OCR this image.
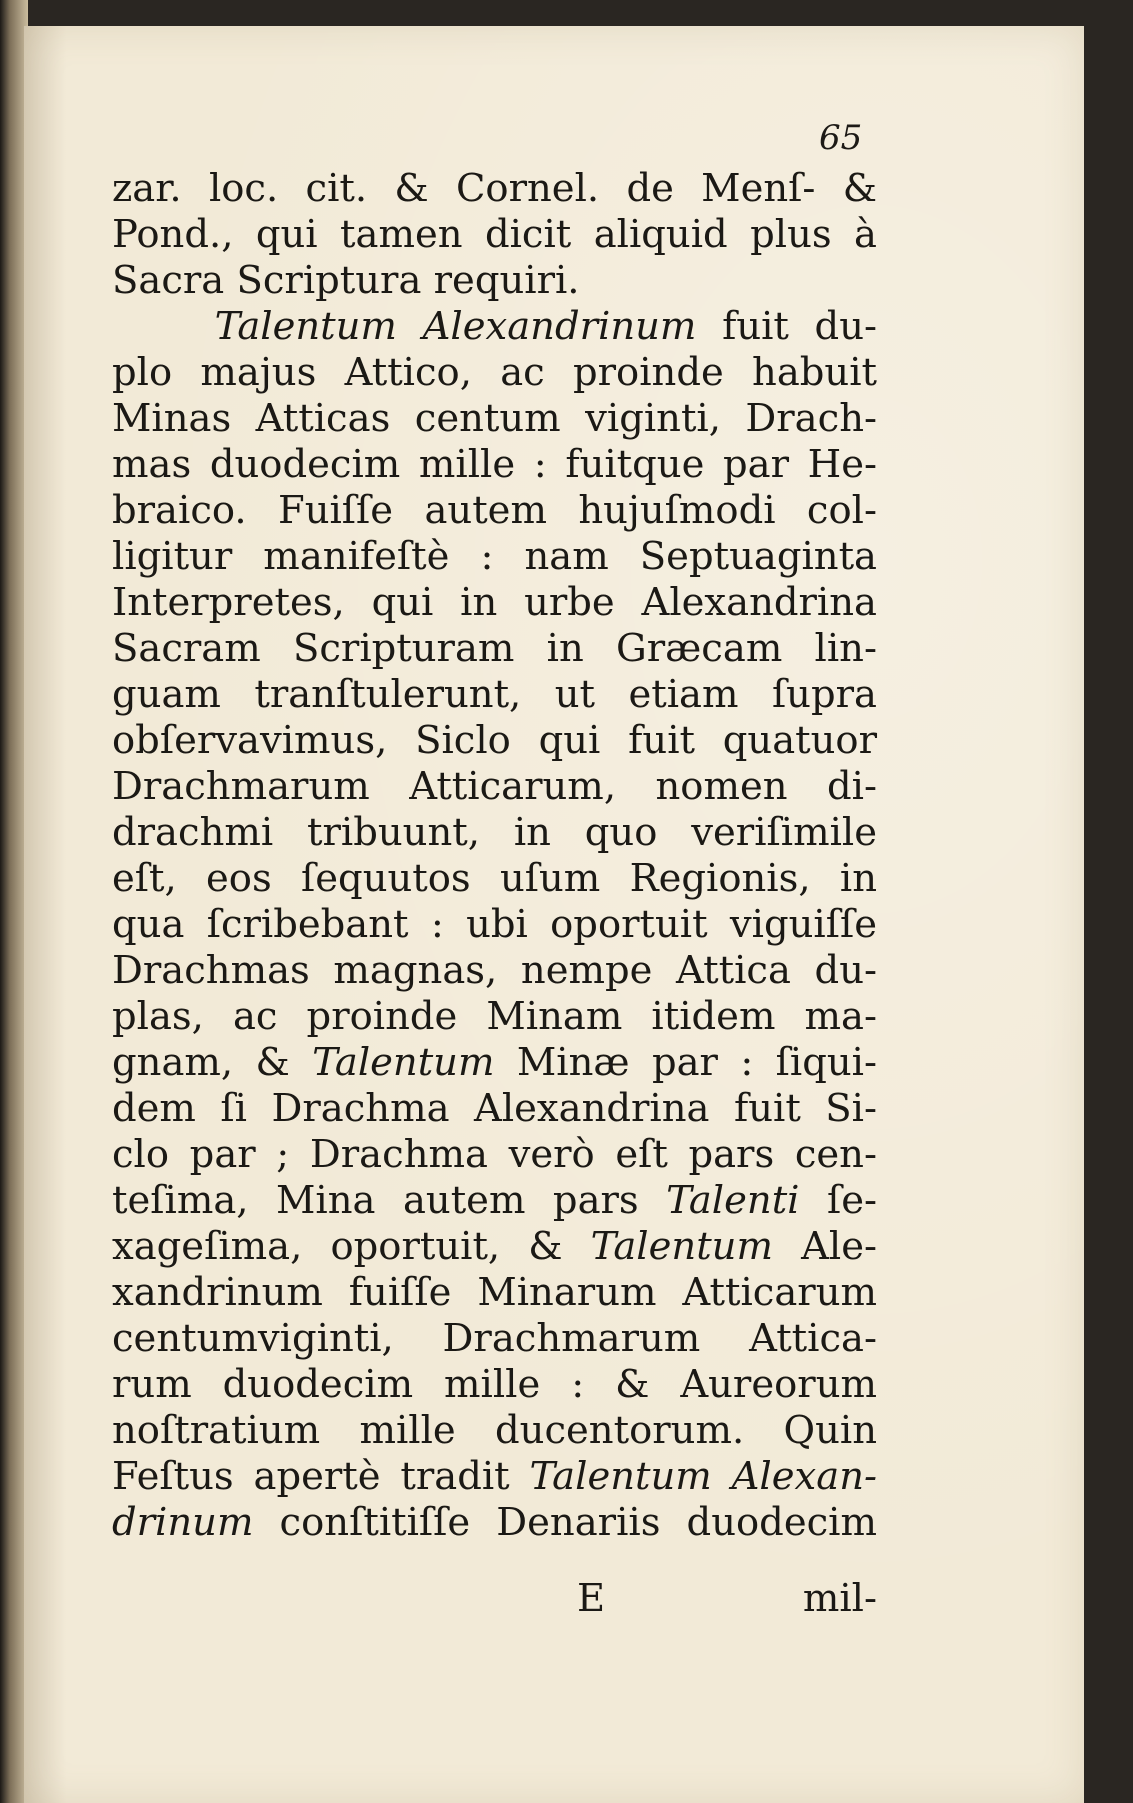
65
zar. loc. cit. & Cornel. de Menſ- &
Pond., qui tamen dicit aliquid plus à
Sacra Scriptura requiri.
Talentum Alexandrinum fuit du-
plo majus Attico, ac proinde habuit
Minas Atticas centum viginti, Drach-
mas duodecim mille : fuitque par He-
braico. Fuiſſe autem hujuſmodi col-
ligitur manifeſtè : nam Septuaginta
Interpretes, qui in urbe Alexandrina
Sacram Scripturam in Græcam lin-
guam tranſtulerunt, ut etiam ſupra
obſervavimus, Siclo qui fuit quatuor
Drachmarum Atticarum, nomen di-
drachmi tribuunt, in quo veriſimile
eſt, eos ſequutos uſum Regionis, in
qua ſcribebant : ubi oportuit viguiſſe
Drachmas magnas, nempe Attica du-
plas, ac proinde Minam itidem ma-
gnam, & Talentum Minæ par : ſiqui-
dem ſi Drachma Alexandrina fuit Si-
clo par ; Drachma verò eſt pars cen-
teſima, Mina autem pars Talenti ſe-
xageſima, oportuit, & Talentum Ale-
xandrinum fuiſſe Minarum Atticarum
centumviginti, Drachmarum Attica-
rum duodecim mille : & Aureorum
noſtratium mille ducentorum. Quin
Feſtus apertè tradit Talentum Alexan-
drinum conſtitiſſe Denariis duodecim
E	mil-
